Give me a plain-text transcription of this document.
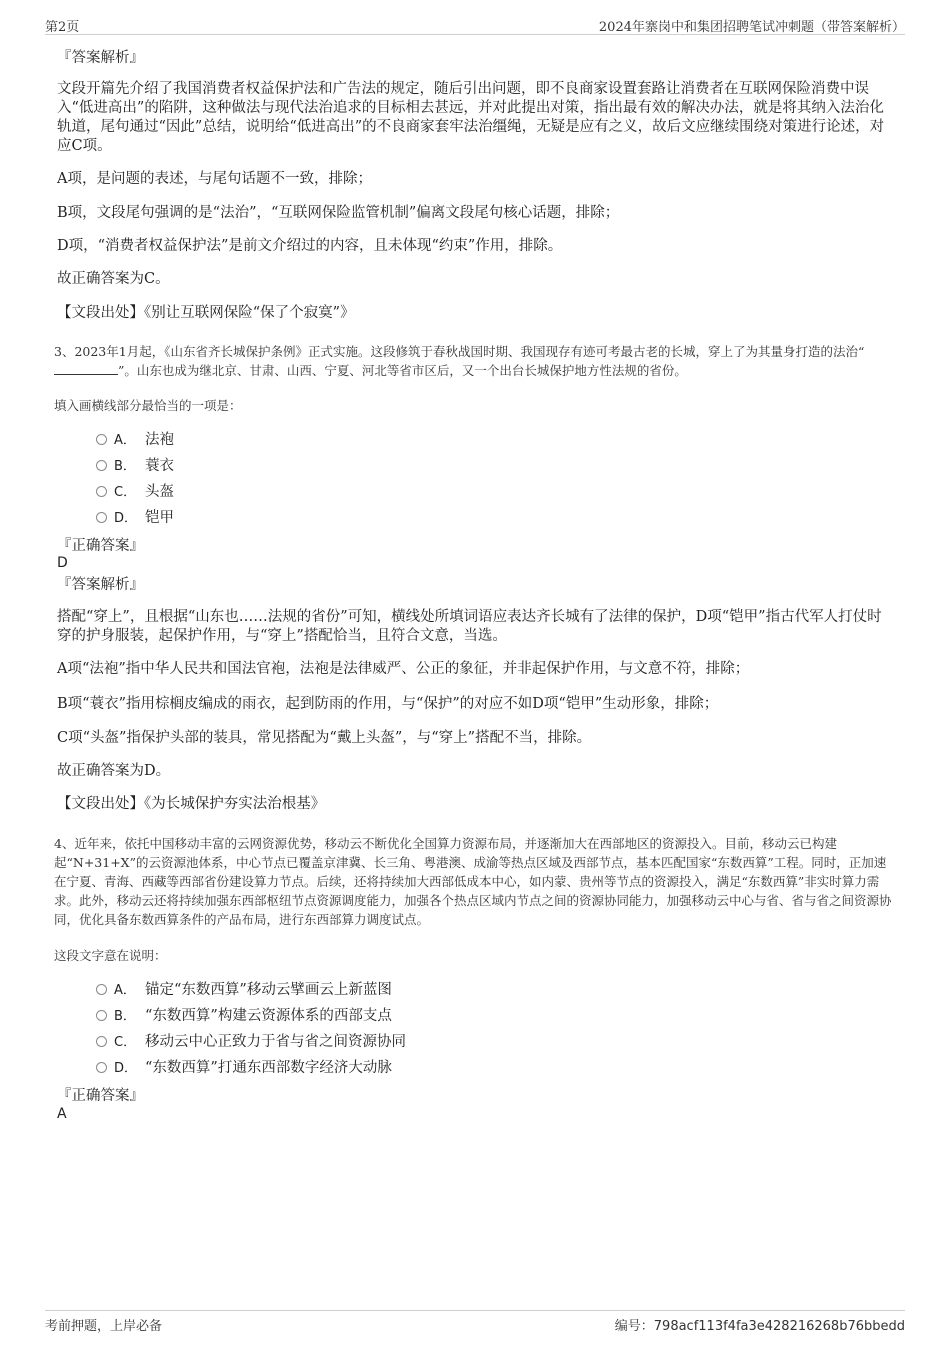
第2页	2024年寨岗中和集团招聘笔试冲刺题（带答案解析）
『答案解析』
文段开篇先介绍了我国消费者权益保护法和广告法的规定，随后引出问题，即不良商家设置套路让消费者在互联网保险消费中误入“低进高出”的陷阱，这种做法与现代法治追求的目标相去甚远，并对此提出对策，指出最有效的解决办法，就是将其纳入法治化轨道，尾句通过“因此”总结，说明给“低进高出”的不良商家套牢法治缰绳，无疑是应有之义，故后文应继续围绕对策进行论述，对应C项。
A项，是问题的表述，与尾句话题不一致，排除；
B项，文段尾句强调的是“法治”，“互联网保险监管机制”偏离文段尾句核心话题，排除；
D项，“消费者权益保护法”是前文介绍过的内容，且未体现“约束”作用，排除。
故正确答案为C。
【文段出处】《别让互联网保险“保了个寂寞”》
3、2023年1月起，《山东省齐长城保护条例》正式实施。这段修筑于春秋战国时期、我国现存有迹可考最古老的长城，穿上了为其量身打造的法治“”。山东也成为继北京、甘肃、山西、宁夏、河北等省市区后，又一个出台长城保护地方性法规的省份。
填入画横线部分最恰当的一项是：
A． 法袍
B． 蓑衣
C． 头盔
D． 铠甲
『正确答案』
D
『答案解析』
搭配“穿上”，且根据“山东也……法规的省份”可知，横线处所填词语应表达齐长城有了法律的保护，D项“铠甲”指古代军人打仗时穿的护身服装，起保护作用，与“穿上”搭配恰当，且符合文意，当选。
A项“法袍”指中华人民共和国法官袍，法袍是法律威严、公正的象征，并非起保护作用，与文意不符，排除；
B项“蓑衣”指用棕榈皮编成的雨衣，起到防雨的作用，与“保护”的对应不如D项“铠甲”生动形象，排除；
C项“头盔”指保护头部的装具，常见搭配为“戴上头盔”，与“穿上”搭配不当，排除。
故正确答案为D。
【文段出处】《为长城保护夯实法治根基》
4、近年来，依托中国移动丰富的云网资源优势，移动云不断优化全国算力资源布局，并逐渐加大在西部地区的资源投入。目前，移动云已构建起“N+31+X”的云资源池体系，中心节点已覆盖京津冀、长三角、粤港澳、成渝等热点区域及西部节点，基本匹配国家“东数西算”工程。同时，正加速在宁夏、青海、西藏等西部省份建设算力节点。后续，还将持续加大西部低成本中心，如内蒙、贵州等节点的资源投入，满足“东数西算”非实时算力需求。此外，移动云还将持续加强东西部枢纽节点资源调度能力，加强各个热点区域内节点之间的资源协同能力，加强移动云中心与省、省与省之间资源协同，优化具备东数西算条件的产品布局，进行东西部算力调度试点。
这段文字意在说明：
A． 锚定“东数西算”移动云擘画云上新蓝图
B． “东数西算”构建云资源体系的西部支点
C． 移动云中心正致力于省与省之间资源协同
D． “东数西算”打通东西部数字经济大动脉
『正确答案』
A
考前押题，上岸必备	编号：798acf113f4fa3e428216268b76bbedd
